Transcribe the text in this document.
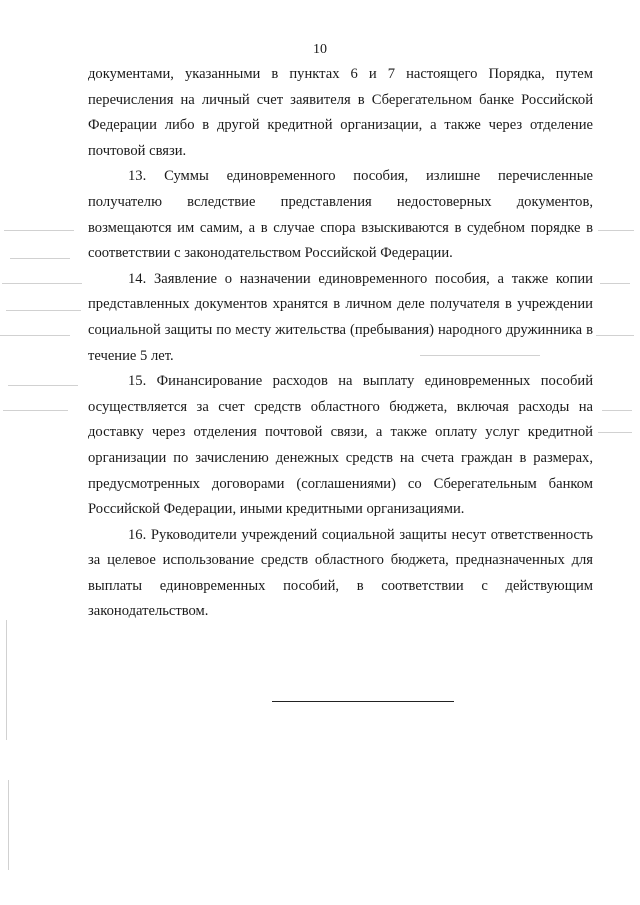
10

документами, указанными в пунктах 6 и 7 настоящего Порядка, путем перечисления на личный счет заявителя в Сберегательном банке Российской Федерации либо в другой кредитной организации, а также через отделение почтовой связи.

13. Суммы единовременного пособия, излишне перечисленные получателю вследствие представления недостоверных документов, возмещаются им самим, а в случае спора взыскиваются в судебном порядке в соответствии с законодательством Российской Федерации.

14. Заявление о назначении единовременного пособия, а также копии представленных документов хранятся в личном деле получателя в учреждении социальной защиты по месту жительства (пребывания) народного дружинника в течение 5 лет.

15. Финансирование расходов на выплату единовременных пособий осуществляется за счет средств областного бюджета, включая расходы на доставку через отделения почтовой связи, а также оплату услуг кредитной организации по зачислению денежных средств на счета граждан в размерах, предусмотренных договорами (соглашениями) со Сберегательным банком Российской Федерации, иными кредитными организациями.

16. Руководители учреждений социальной защиты несут ответственность за целевое использование средств областного бюджета, предназначенных для выплаты единовременных пособий, в соответствии с действующим законодательством.
